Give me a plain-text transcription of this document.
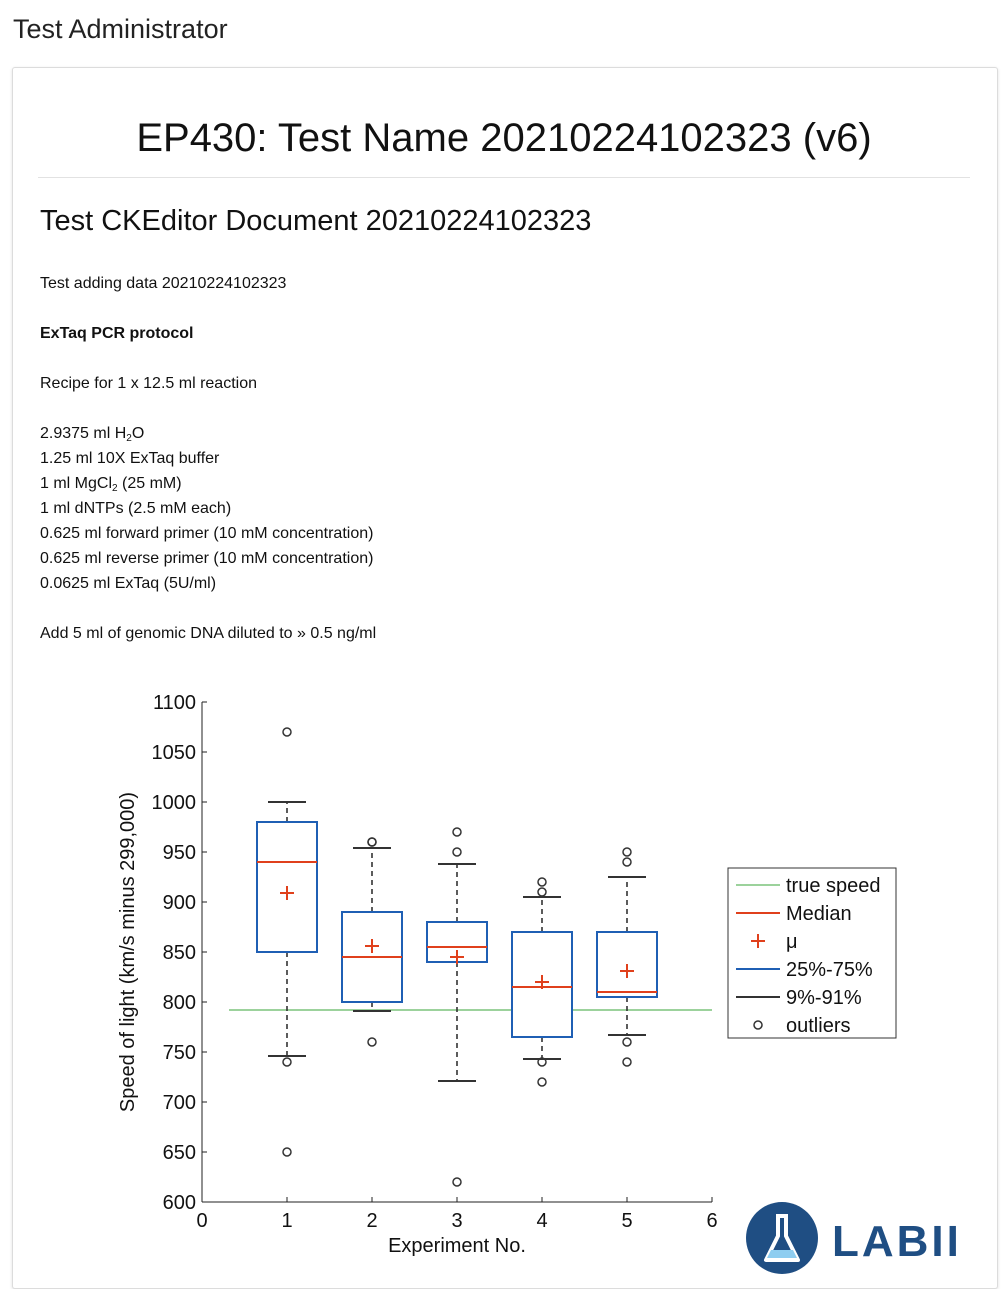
Test Administrator
EP430: Test Name 20210224102323 (v6)
Test CKEditor Document 20210224102323
Test adding data 20210224102323
ExTaq PCR protocol
Recipe for 1 x 12.5 ml reaction
2.9375 ml $H_2O$
1.25 ml 10X ExTaq buffer
1 ml MgCl$_2$ (25 mM)
1 ml dNTPs (2.5 mM each)
0.625 ml forward primer (10 mM concentration)
0.625 ml reverse primer (10 mM concentration)
0.0625 ml ExTaq (5U/ml)
Add 5 ml of genomic DNA diluted to » 0.5 ng/ml
600
650
700
750
800
850
900
950
1000
1050
1100
0	1	2	3	4	5	6
Experiment No.
Speed of light (km/s minus 299,000)	true speed
Median
μ
25%-75%
9%-91%
outliers
LABII
